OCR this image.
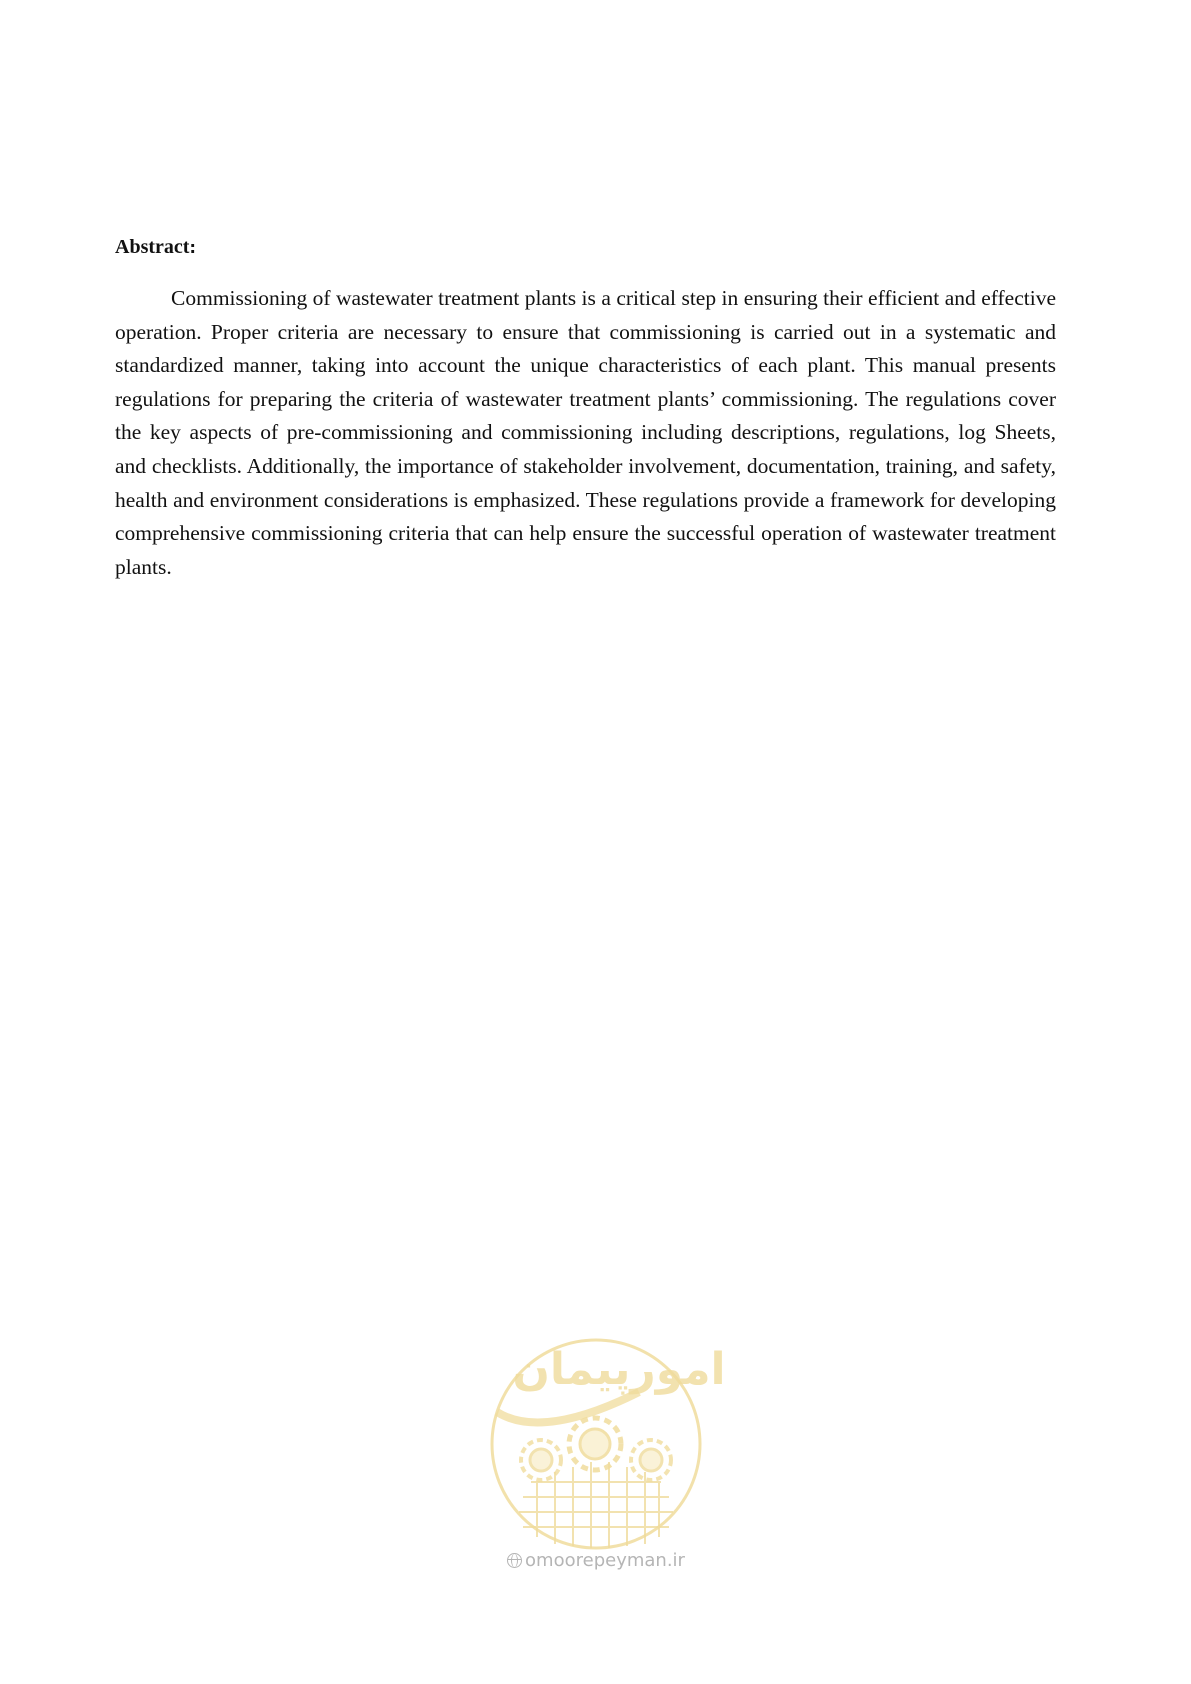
Abstract:

Commissioning of wastewater treatment plants is a critical step in ensuring their efficient and effective operation. Proper criteria are necessary to ensure that commissioning is carried out in a systematic and standardized manner, taking into account the unique characteristics of each plant. This manual presents regulations for preparing the criteria of wastewater treatment plants’ commissioning. The regulations cover the key aspects of pre-commissioning and commissioning including descriptions, regulations, log Sheets, and checklists. Additionally, the importance of stakeholder involvement, documentation, training, and safety, health and environment considerations is emphasized. These regulations provide a framework for developing comprehensive commissioning criteria that can help ensure the successful operation of wastewater treatment plants.

امورپیمان
omoorepeyman.ir
